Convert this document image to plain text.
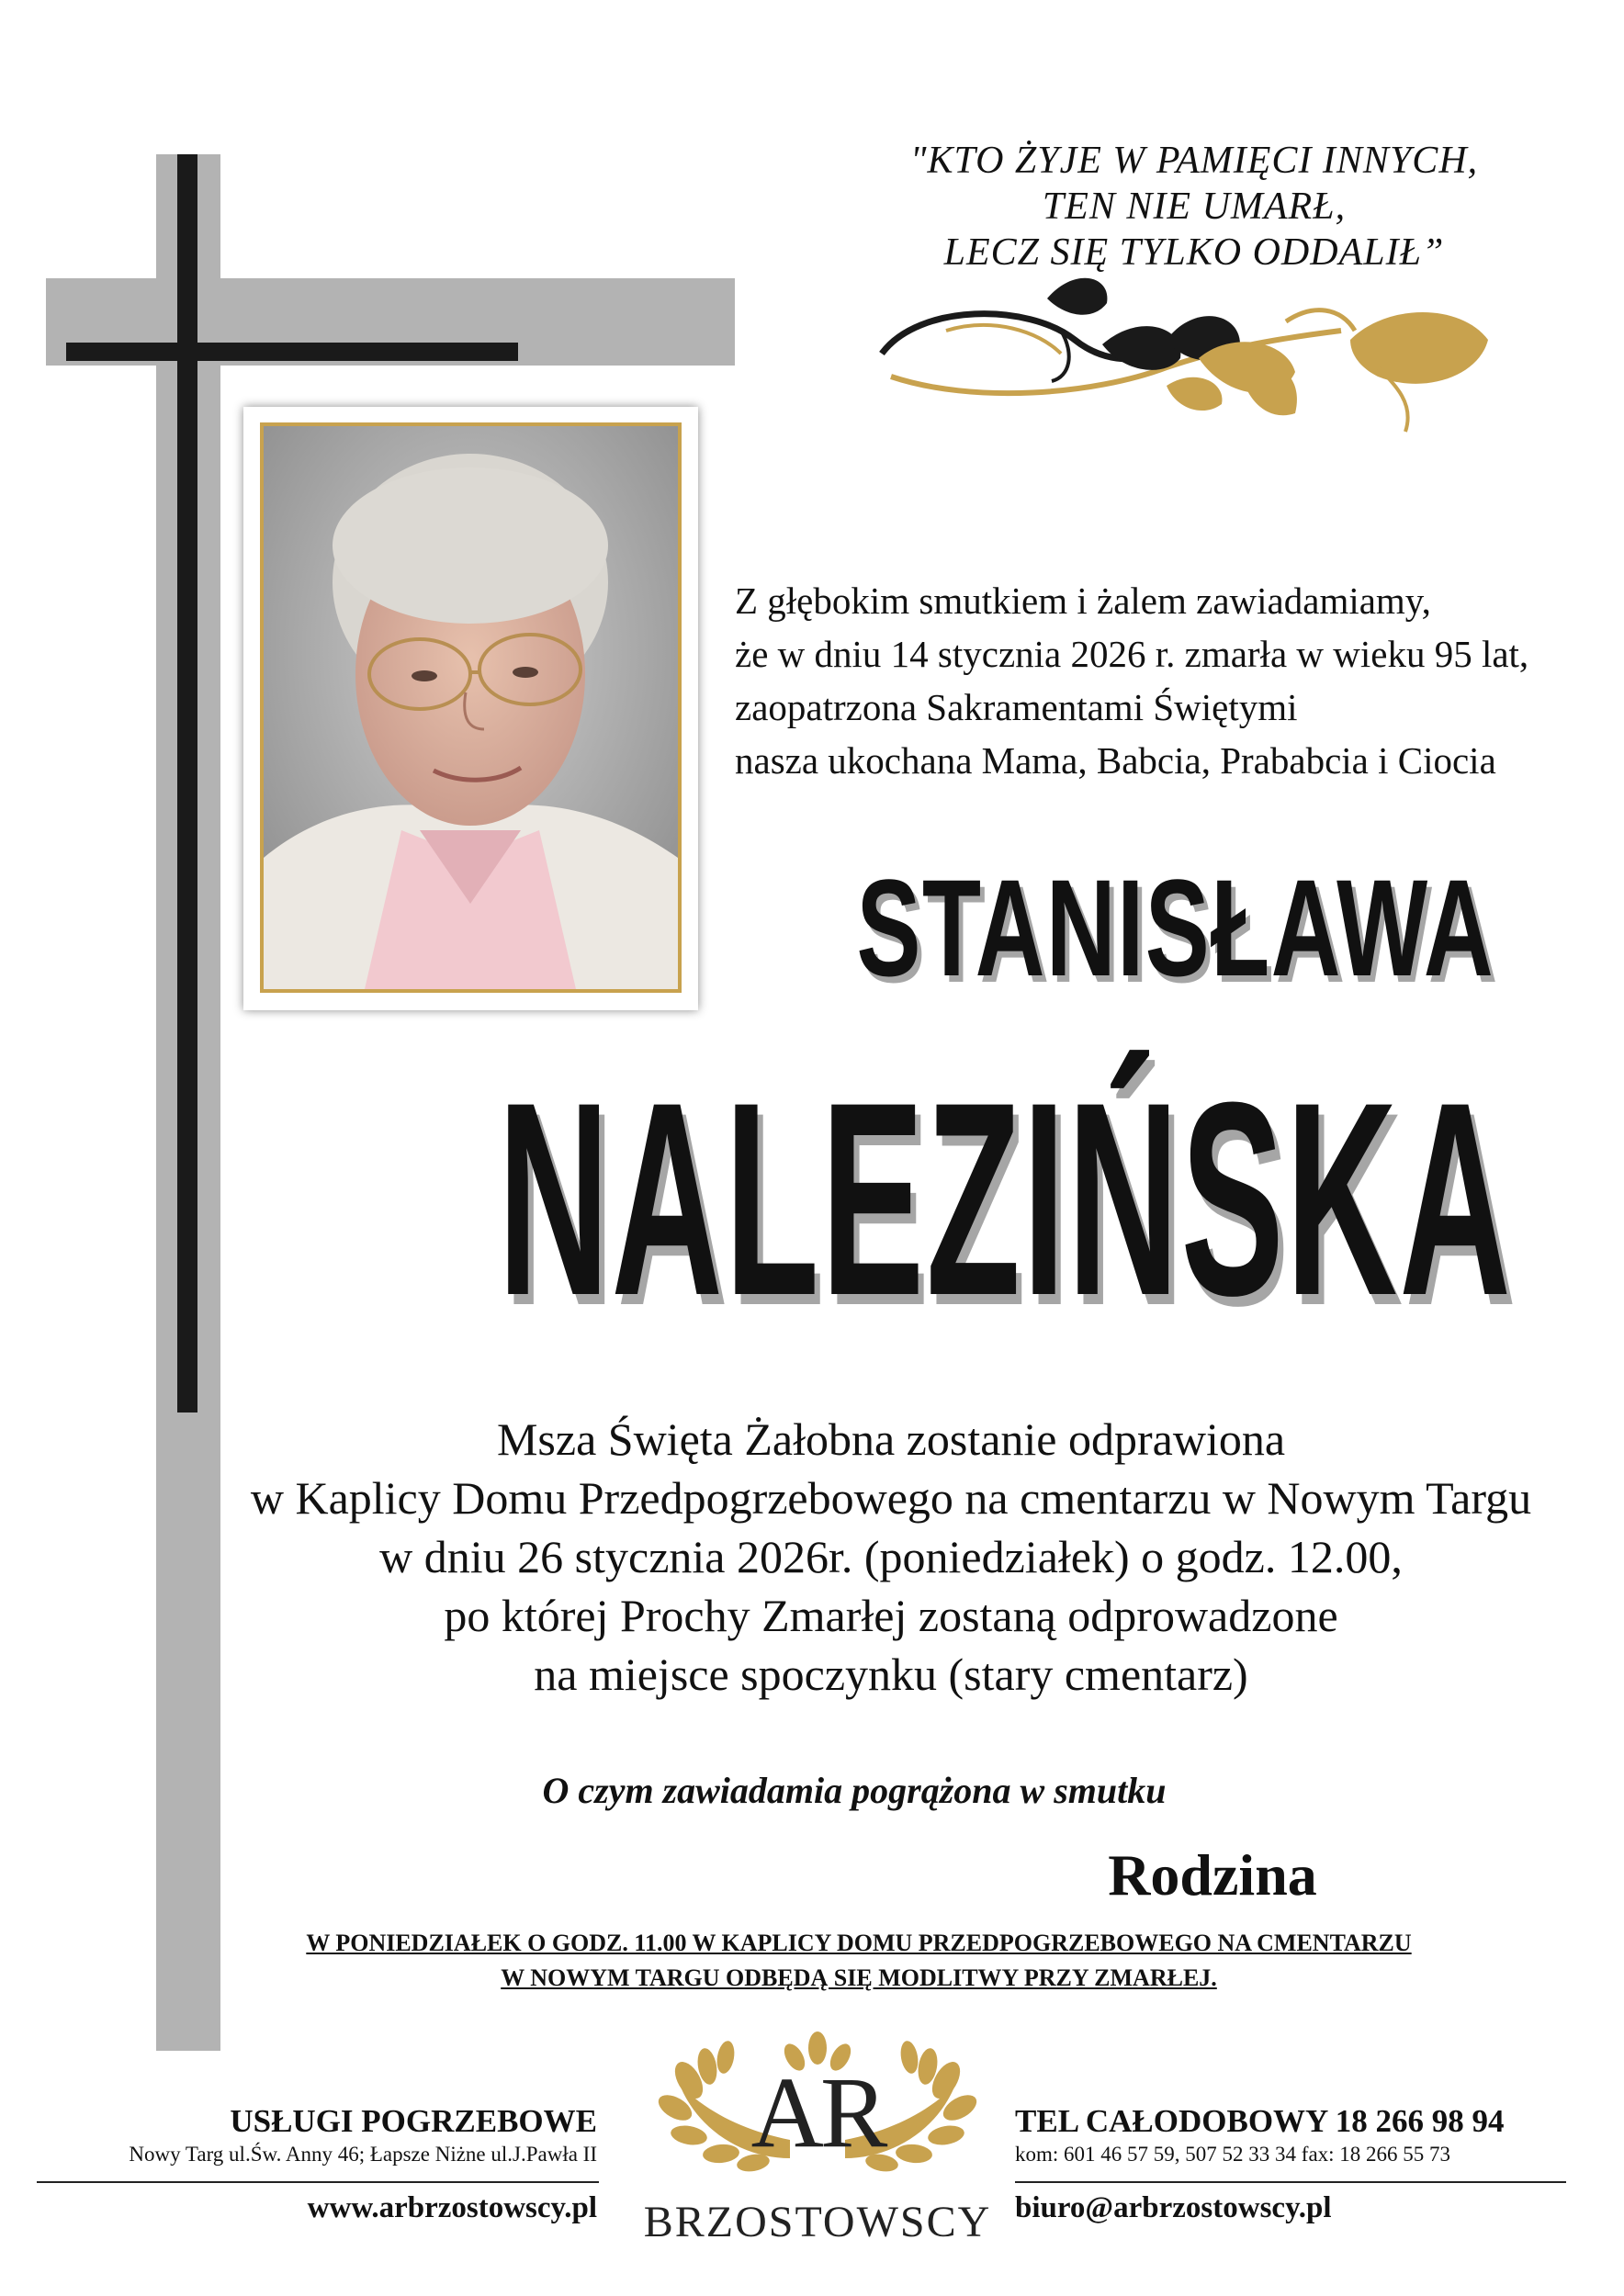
"KTO ŻYJE W PAMIĘCI INNYCH,
TEN NIE UMARŁ,
LECZ SIĘ TYLKO ODDALIŁ”
Z głębokim smutkiem i żalem zawiadamiamy,
że w dniu 14 stycznia 2026 r. zmarła w wieku 95 lat,
zaopatrzona Sakramentami Świętymi
nasza ukochana Mama, Babcia, Prababcia i Ciocia
STANISŁAWA
NALEZIŃSKA
Msza Święta Żałobna zostanie odprawiona
w Kaplicy Domu Przedpogrzebowego na cmentarzu w Nowym Targu
w dniu 26 stycznia 2026r. (poniedziałek) o godz. 12.00,
po której Prochy Zmarłej zostaną odprowadzone
na miejsce spoczynku (stary cmentarz)
O czym zawiadamia pogrążona w smutku
Rodzina
W PONIEDZIAŁEK O GODZ. 11.00 W KAPLICY DOMU PRZEDPOGRZEBOWEGO NA CMENTARZU
W NOWYM TARGU ODBĘDĄ SIĘ MODLITWY PRZY ZMARŁEJ.
USŁUGI POGRZEBOWE
Nowy Targ ul.Św. Anny 46; Łapsze Niżne ul.J.Pawła II
www.arbrzostowscy.pl
AR
BRZOSTOWSCY
TEL CAŁODOBOWY 18 266 98 94
kom: 601 46 57 59, 507 52 33 34 fax: 18 266 55 73
biuro@arbrzostowscy.pl
